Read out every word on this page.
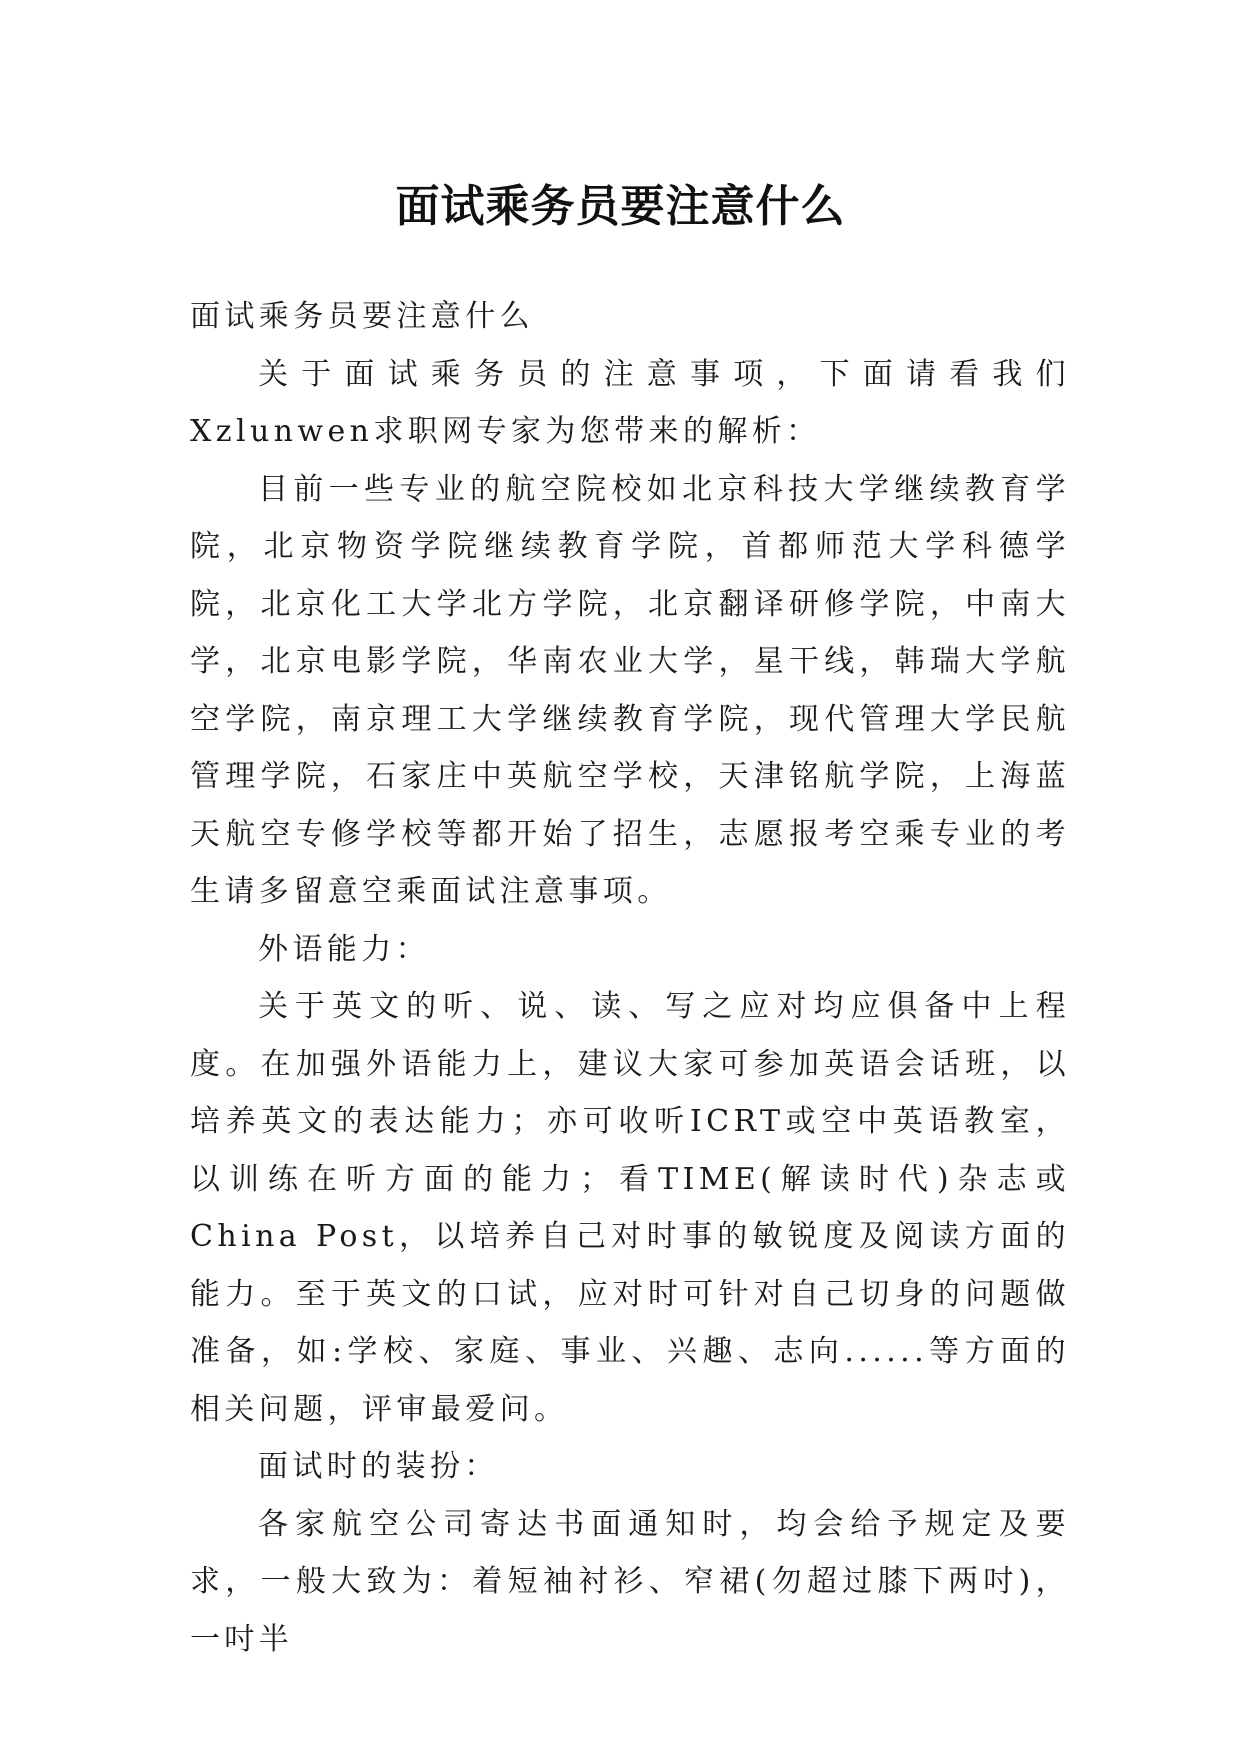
面试乘务员要注意什么

面试乘务员要注意什么

关于面试乘务员的注意事项，下面请看我们Xzlunwen求职网专家为您带来的解析：

目前一些专业的航空院校如北京科技大学继续教育学院，北京物资学院继续教育学院，首都师范大学科德学院，北京化工大学北方学院，北京翻译研修学院，中南大学，北京电影学院，华南农业大学，星干线，韩瑞大学航空学院，南京理工大学继续教育学院，现代管理大学民航管理学院，石家庄中英航空学校，天津铭航学院，上海蓝天航空专修学校等都开始了招生，志愿报考空乘专业的考生请多留意空乘面试注意事项。

外语能力：

关于英文的听、说、读、写之应对均应俱备中上程度。在加强外语能力上，建议大家可参加英语会话班，以培养英文的表达能力；亦可收听ICRT或空中英语教室，以训练在听方面的能力；看TIME(解读时代)杂志或China Post，以培养自己对时事的敏锐度及阅读方面的能力。至于英文的口试，应对时可针对自己切身的问题做准备，如:学校、家庭、事业、兴趣、志向......等方面的相关问题，评审最爱问。

面试时的装扮：

各家航空公司寄达书面通知时，均会给予规定及要求，一般大致为：着短袖衬衫、窄裙(勿超过膝下两吋)，一吋半
